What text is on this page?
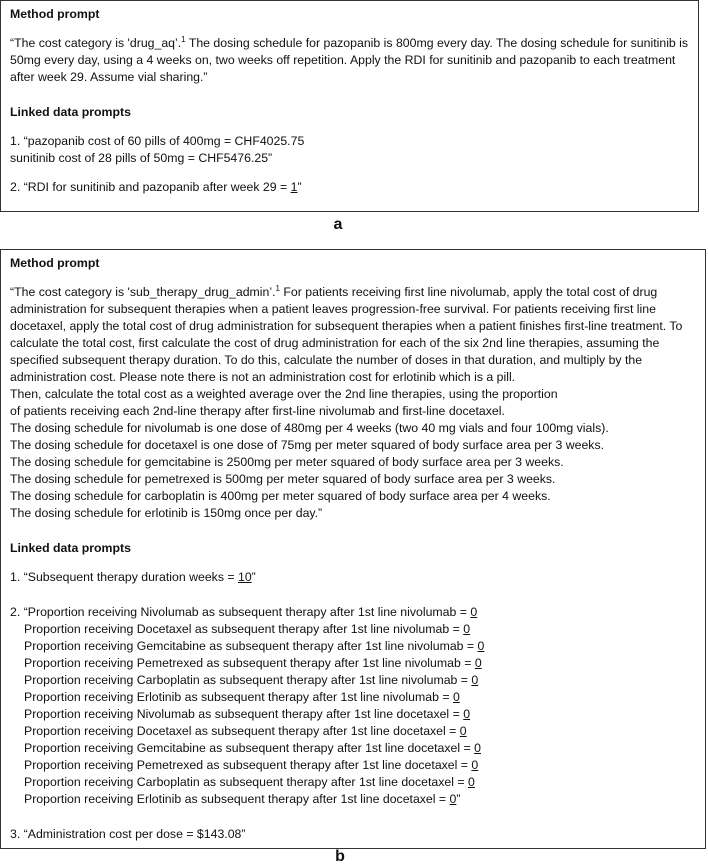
Method prompt

“The cost category is 'drug_aq’.$^1$ The dosing schedule for pazopanib is 800mg every day. The dosing schedule for sunitinib is 50mg every day, using a 4 weeks on, two weeks off repetition. Apply the RDI for sunitinib and pazopanib to each treatment after week 29. Assume vial sharing.”

Linked data prompts

1. “pazopanib cost of 60 pills of 400mg = CHF4025.75

sunitinib cost of 28 pills of 50mg = CHF5476.25”

2. “RDI for sunitinib and pazopanib after week 29 = 1”

a

Method prompt

“The cost category is 'sub_therapy_drug_admin’.$^1$ For patients receiving first line nivolumab, apply the total cost of drug administration for subsequent therapies when a patient leaves progression-free survival. For patients receiving first line docetaxel, apply the total cost of drug administration for subsequent therapies when a patient finishes first-line treatment. To calculate the total cost, first calculate the cost of drug administration for each of the six 2nd line therapies, assuming the specified subsequent therapy duration. To do this, calculate the number of doses in that duration, and multiply by the administration cost. Please note there is not an administration cost for erlotinib which is a pill.

Then, calculate the total cost as a weighted average over the 2nd line therapies, using the proportion

of patients receiving each 2nd-line therapy after first-line nivolumab and first-line docetaxel.

The dosing schedule for nivolumab is one dose of 480mg per 4 weeks (two 40 mg vials and four 100mg vials).

The dosing schedule for docetaxel is one dose of 75mg per meter squared of body surface area per 3 weeks.

The dosing schedule for gemcitabine is 2500mg per meter squared of body surface area per 3 weeks.

The dosing schedule for pemetrexed is 500mg per meter squared of body surface area per 3 weeks.

The dosing schedule for carboplatin is 400mg per meter squared of body surface area per 4 weeks.

The dosing schedule for erlotinib is 150mg once per day.”

Linked data prompts

1. “Subsequent therapy duration weeks = 10”

2. “Proportion receiving Nivolumab as subsequent therapy after 1st line nivolumab = 0

Proportion receiving Docetaxel as subsequent therapy after 1st line nivolumab = 0

Proportion receiving Gemcitabine as subsequent therapy after 1st line nivolumab = 0

Proportion receiving Pemetrexed as subsequent therapy after 1st line nivolumab = 0

Proportion receiving Carboplatin as subsequent therapy after 1st line nivolumab = 0

Proportion receiving Erlotinib as subsequent therapy after 1st line nivolumab = 0

Proportion receiving Nivolumab as subsequent therapy after 1st line docetaxel = 0

Proportion receiving Docetaxel as subsequent therapy after 1st line docetaxel = 0

Proportion receiving Gemcitabine as subsequent therapy after 1st line docetaxel = 0

Proportion receiving Pemetrexed as subsequent therapy after 1st line docetaxel = 0

Proportion receiving Carboplatin as subsequent therapy after 1st line docetaxel = 0

Proportion receiving Erlotinib as subsequent therapy after 1st line docetaxel = 0”

3. “Administration cost per dose = $143.08”

b
